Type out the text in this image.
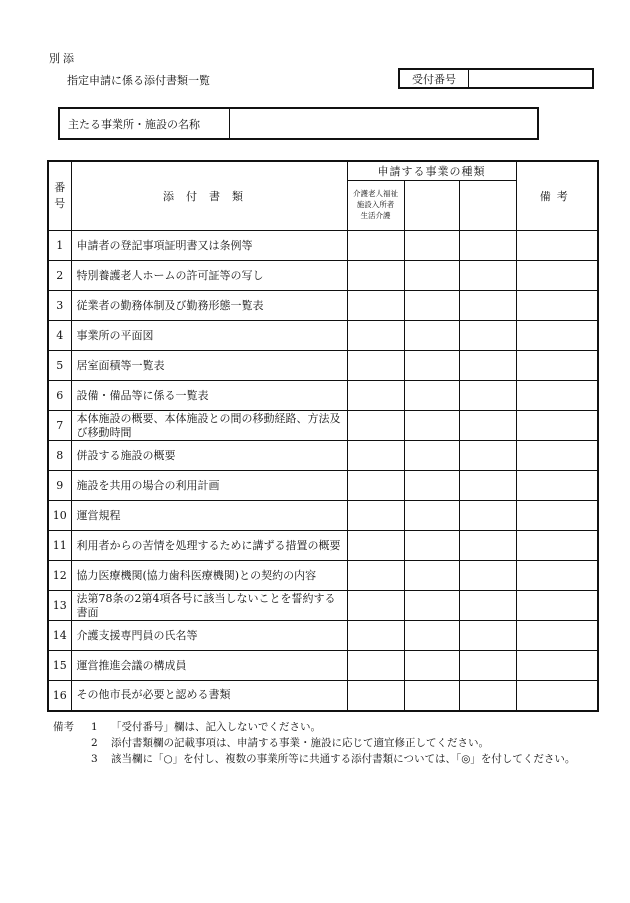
別添
指定申請に係る添付書類一覧	受付番号
主たる事業所・施設の名称
番
号	添付書類	申請する事業の種類			備考
		介護老人福祉
施設入所者
生活介護			
1	申請者の登記事項証明書又は条例等				
2	特別養護老人ホームの許可証等の写し				
3	従業者の勤務体制及び勤務形態一覧表				
4	事業所の平面図				
5	居室面積等一覧表				
6	設備・備品等に係る一覧表				
7	本体施設の概要、本体施設との間の移動経路、方法及び移動時間				
8	併設する施設の概要				
9	施設を共用の場合の利用計画				
10	運営規程				
11	利用者からの苦情を処理するために講ずる措置の概要				
12	協力医療機関(協力歯科医療機関)との契約の内容				
13	法第78条の2第4項各号に該当しないことを誓約する書面				
14	介護支援専門員の氏名等				
15	運営推進会議の構成員				
16	その他市長が必要と認める書類				
備考	1	「受付番号」欄は、記入しないでください。
2	添付書類欄の記載事項は、申請する事業・施設に応じて適宜修正してください。
3	該当欄に「○」を付し、複数の事業所等に共通する添付書類については、「◎」を付してください。
